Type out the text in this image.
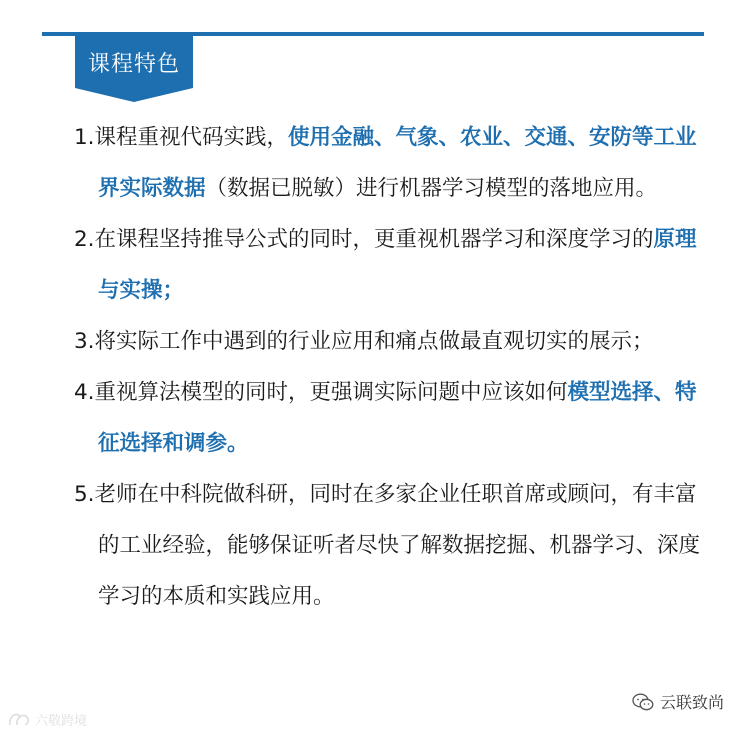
课程特色

1.课程重视代码实践，使用金融、气象、农业、交通、安防等工业界实际数据（数据已脱敏）进行机器学习模型的落地应用。

2.在课程坚持推导公式的同时，更重视机器学习和深度学习的原理与实操；

3.将实际工作中遇到的行业应用和痛点做最直观切实的展示；

4.重视算法模型的同时，更强调实际问题中应该如何模型选择、特征选择和调参。

5.老师在中科院做科研，同时在多家企业任职首席或顾问，有丰富的工业经验，能够保证听者尽快了解数据挖掘、机器学习、深度学习的本质和实践应用。

云联致尚
六敬跨境
